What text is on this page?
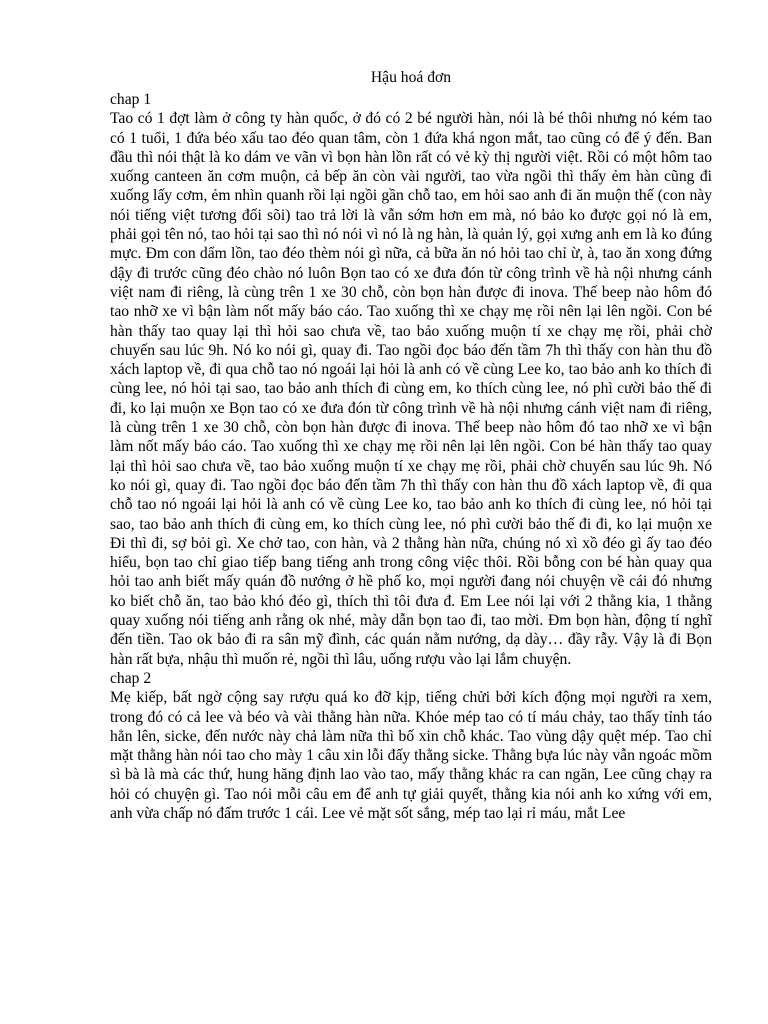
Hậu hoá đơn
chap 1

Tao có 1 đợt làm ở công ty hàn quốc, ở đó có 2 bé người hàn, nói là bé thôi nhưng nó kém tao có 1 tuổi, 1 đứa béo xấu tao đéo quan tâm, còn 1 đứa khá ngon mắt, tao cũng có để ý đến. Ban đầu thì nói thật là ko dám ve vãn vì bọn hàn lồn rất có vẻ kỳ thị người việt. Rồi có một hôm tao xuống canteen ăn cơm muộn, cả bếp ăn còn vài người, tao vừa ngồi thì thấy ẻm hàn cũng đi xuống lấy cơm, ẻm nhìn quanh rồi lại ngồi gần chỗ tao, em hỏi sao anh đi ăn muộn thế (con này nói tiếng việt tương đối sõi) tao trả lời là vẫn sớm hơn em mà, nó bảo ko được gọi nó là em, phải gọi tên nó, tao hỏi tại sao thì nó nói vì nó là ng hàn, là quản lý, gọi xưng anh em là ko đúng mực. Đm con dẩm lồn, tao đéo thèm nói gì nữa, cả bữa ăn nó hỏi tao chỉ ừ, à, tao ăn xong đứng dậy đi trước cũng đéo chào nó luôn Bọn tao có xe đưa đón từ công trình về hà nội nhưng cánh việt nam đi riêng, là cùng trên 1 xe 30 chỗ, còn bọn hàn được đi inova. Thế beep nào hôm đó tao nhỡ xe vì bận làm nốt mấy báo cáo. Tao xuống thì xe chạy mẹ rồi nên lại lên ngồi. Con bé hàn thấy tao quay lại thì hỏi sao chưa về, tao bảo xuống muộn tí xe chạy mẹ rồi, phải chờ chuyến sau lúc 9h. Nó ko nói gì, quay đi. Tao ngồi đọc báo đến tầm 7h thì thấy con hàn thu đồ xách laptop về, đi qua chỗ tao nó ngoái lại hỏi là anh có về cùng Lee ko, tao bảo anh ko thích đi cùng lee, nó hỏi tại sao, tao bảo anh thích đi cùng em, ko thích cùng lee, nó phì cười bảo thế đi đi, ko lại muộn xe Bọn tao có xe đưa đón từ công trình về hà nội nhưng cánh việt nam đi riêng, là cùng trên 1 xe 30 chỗ, còn bọn hàn được đi inova. Thế beep nào hôm đó tao nhỡ xe vì bận làm nốt mấy báo cáo. Tao xuống thì xe chạy mẹ rồi nên lại lên ngồi. Con bé hàn thấy tao quay lại thì hỏi sao chưa về, tao bảo xuống muộn tí xe chạy mẹ rồi, phải chờ chuyến sau lúc 9h. Nó ko nói gì, quay đi. Tao ngồi đọc báo đến tầm 7h thì thấy con hàn thu đồ xách laptop về, đi qua chỗ tao nó ngoái lại hỏi là anh có về cùng Lee ko, tao bảo anh ko thích đi cùng lee, nó hỏi tại sao, tao bảo anh thích đi cùng em, ko thích cùng lee, nó phì cười bảo thế đi đi, ko lại muộn xe Đi thì đi, sợ bỏi gì. Xe chở tao, con hàn, và 2 thằng hàn nữa, chúng nó xì xồ đéo gì ấy tao đéo hiểu, bọn tao chỉ giao tiếp bang tiếng anh trong công việc thôi. Rồi bỗng con bé hàn quay qua hỏi tao anh biết mấy quán đồ nướng ở hề phố ko, mọi người đang nói chuyện về cái đó nhưng ko biết chỗ ăn, tao bảo khó đéo gì, thích thì tôi đưa đ. Em Lee nói lại với 2 thằng kia, 1 thằng quay xuống nói tiếng anh rằng ok nhé, mày dẫn bọn tao đi, tao mời. Đm bọn hàn, động tí nghĩ đến tiền. Tao ok bảo đi ra sân mỹ đình, các quán nằm nướng, dạ dày… đầy rẫy. Vậy là đi Bọn hàn rất bựa, nhậu thì muốn rẻ, ngồi thì lâu, uống rượu vào lại lắm chuyện.

chap 2

Mẹ kiếp, bất ngờ cộng say rượu quá ko đỡ kịp, tiếng chửi bởi kích động mọi người ra xem, trong đó có cả lee và béo và vài thằng hàn nữa. Khóe mép tao có tí máu chảy, tao thấy tỉnh táo hẳn lên, sicke, đến nước này chả làm nữa thì bố xin chỗ khác. Tao vùng dậy quệt mép. Tao chỉ mặt thằng hàn nói tao cho mày 1 câu xin lỗi đấy thằng sicke. Thằng bựa lúc này vẫn ngoác mồm sì bà là mà các thứ, hung hăng định lao vào tao, mấy thằng khác ra can ngăn, Lee cũng chạy ra hỏi có chuyện gì. Tao nói mỗi câu em để anh tự giải quyết, thằng kia nói anh ko xứng với em, anh vừa chấp nó đấm trước 1 cái. Lee vẻ mặt sốt sắng, mép tao lại rỉ máu, mắt Lee
